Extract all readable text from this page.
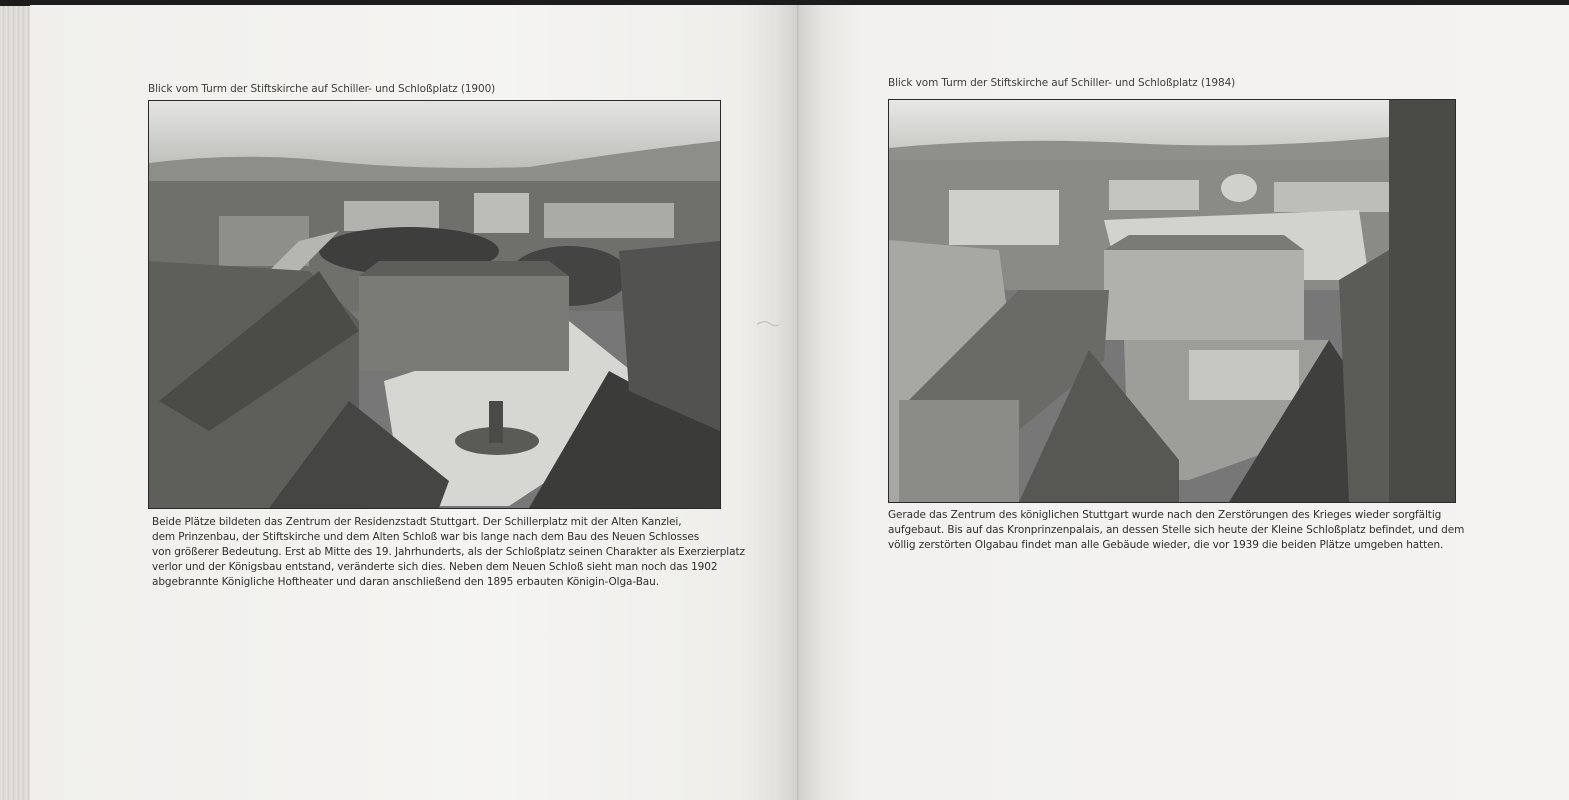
Blick vom Turm der Stiftskirche auf Schiller- und Schloßplatz (1900)
Beide Plätze bildeten das Zentrum der Residenzstadt Stuttgart. Der Schillerplatz mit der Alten Kanzlei,
dem Prinzenbau, der Stiftskirche und dem Alten Schloß war bis lange nach dem Bau des Neuen Schlosses
von größerer Bedeutung. Erst ab Mitte des 19. Jahrhunderts, als der Schloßplatz seinen Charakter als Exerzierplatz
verlor und der Königsbau entstand, veränderte sich dies. Neben dem Neuen Schloß sieht man noch das 1902
abgebrannte Königliche Hoftheater und daran anschließend den 1895 erbauten Königin-Olga-Bau.
Blick vom Turm der Stiftskirche auf Schiller- und Schloßplatz (1984)
Gerade das Zentrum des königlichen Stuttgart wurde nach den Zerstörungen des Krieges wieder sorgfältig
aufgebaut. Bis auf das Kronprinzenpalais, an dessen Stelle sich heute der Kleine Schloßplatz befindet, und dem
völlig zerstörten Olgabau findet man alle Gebäude wieder, die vor 1939 die beiden Plätze umgeben hatten.
